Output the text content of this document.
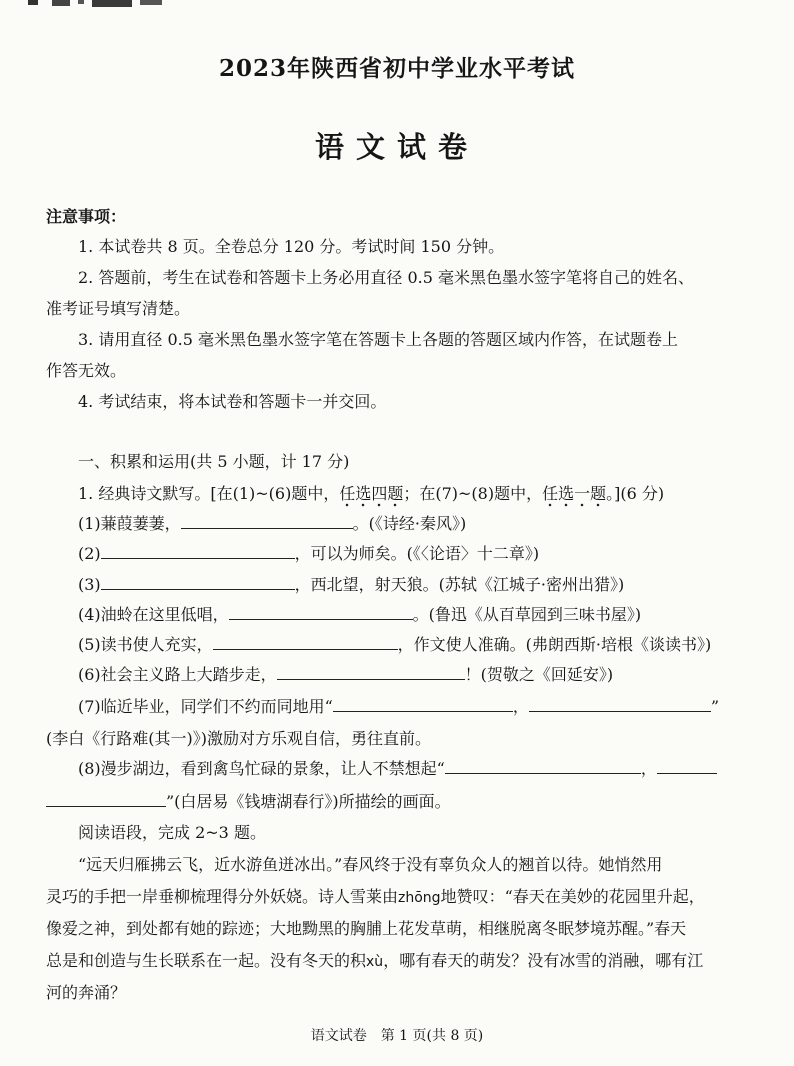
2023年陕西省初中学业水平考试
语文试卷
注意事项：
1. 本试卷共 8 页。全卷总分 120 分。考试时间 150 分钟。
2. 答题前，考生在试卷和答题卡上务必用直径 0.5 毫米黑色墨水签字笔将自己的姓名、
准考证号填写清楚。
3. 请用直径 0.5 毫米黑色墨水签字笔在答题卡上各题的答题区域内作答，在试题卷上
作答无效。
4. 考试结束，将本试卷和答题卡一并交回。
一、积累和运用(共 5 小题，计 17 分)
1. 经典诗文默写。[在(1)~(6)题中，任选四题；在(7)~(8)题中，任选一题。](6 分)
(1)蒹葭萋萋，	。(《诗经·秦风》)
(2)	，可以为师矣。(《〈论语〉十二章》)
(3)	，西北望，射天狼。(苏轼《江城子·密州出猎》)
(4)油蛉在这里低唱，	。(鲁迅《从百草园到三味书屋》)
(5)读书使人充实，	，作文使人准确。(弗朗西斯·培根《谈读书》)
(6)社会主义路上大踏步走，	！(贺敬之《回延安》)
(7)临近毕业，同学们不约而同地用“	，	”
(李白《行路难(其一)》)激励对方乐观自信，勇往直前。
(8)漫步湖边，看到禽鸟忙碌的景象，让人不禁想起“	，
”(白居易《钱塘湖春行》)所描绘的画面。
阅读语段，完成 2~3 题。
“远天归雁拂云飞，近水游鱼迸冰出。”春风终于没有辜负众人的翘首以待。她悄然用
灵巧的手把一岸垂柳梳理得分外妖娆。诗人雪莱由zhōng地赞叹：“春天在美妙的花园里升起，
像爱之神，到处都有她的踪迹；大地黝黑的胸脯上花发草萌，相继脱离冬眠梦境苏醒。”春天
总是和创造与生长联系在一起。没有冬天的积xù，哪有春天的萌发？没有冰雪的消融，哪有江
河的奔涌？
语文试卷　第 1 页(共 8 页)
